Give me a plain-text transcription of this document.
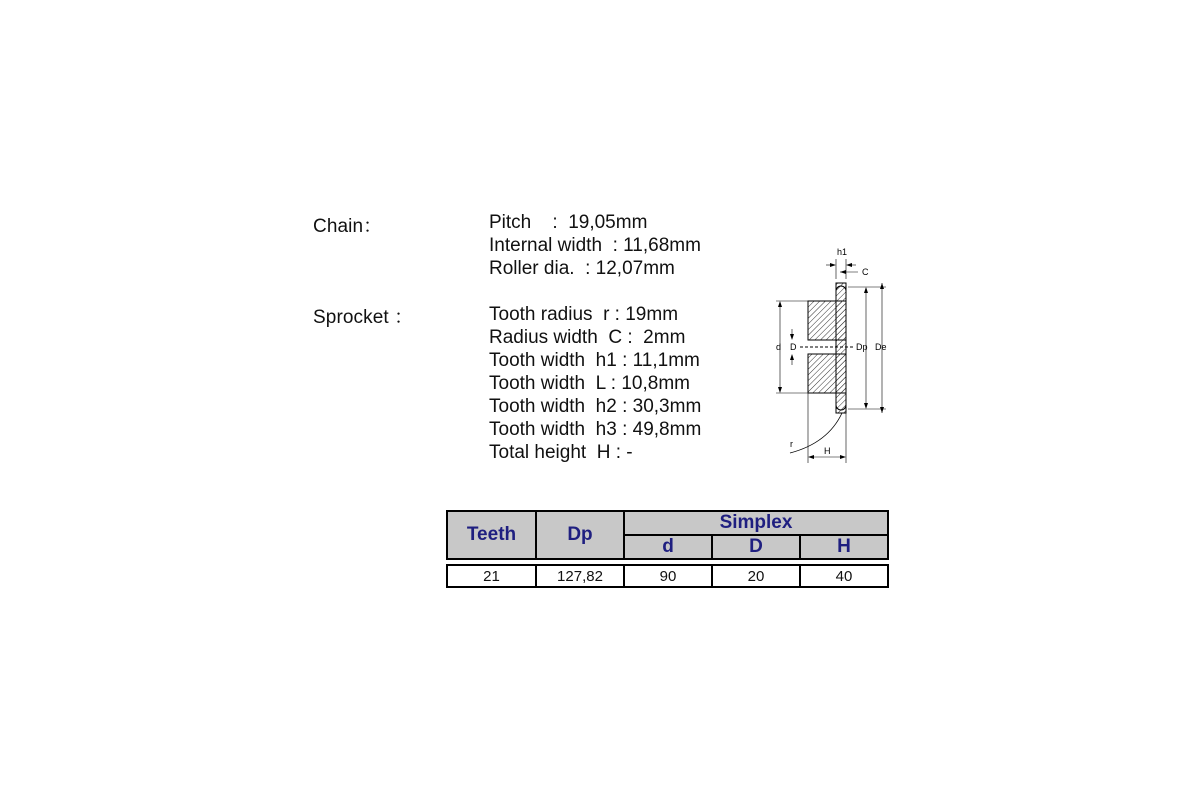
Chain：	Pitch    :  19,05mm
Internal width  : 11,68mm
Roller dia.  : 12,07mm
Sprocket ：	Tooth radius  r : 19mm
Radius width  C :  2mm
Tooth width  h1 : 11,1mm
Tooth width  L : 10,8mm
Tooth width  h2 : 30,3mm
Tooth width  h3 : 49,8mm
Total height  H : -
h1
C
d D	Dp De
r
H
Teeth	Dp	Simplex		
		d	D	H

21	127,82	90	20	40
